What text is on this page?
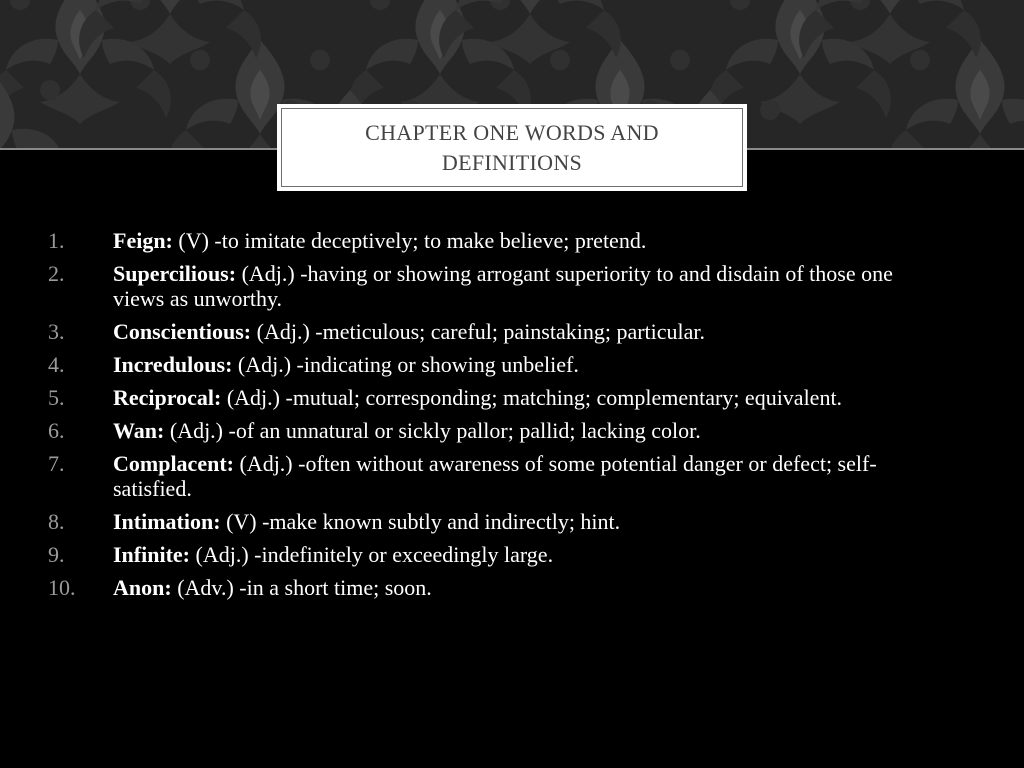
CHAPTER ONE WORDS AND DEFINITIONS
1.	Feign: (V) -to imitate deceptively; to make believe; pretend.
2.	Supercilious: (Adj.) -having or showing arrogant superiority to and disdain of those one views as unworthy.
3.	Conscientious: (Adj.) -meticulous; careful; painstaking; particular.
4.	Incredulous: (Adj.) -indicating or showing unbelief.
5.	Reciprocal: (Adj.) -mutual; corresponding; matching; complementary; equivalent.
6.	Wan: (Adj.) -of an unnatural or sickly pallor; pallid; lacking color.
7.	Complacent: (Adj.) -often without awareness of some potential danger or defect; self-satisfied.
8.	Intimation: (V) -make known subtly and indirectly; hint.
9.	Infinite: (Adj.) -indefinitely or exceedingly large.
10.	Anon: (Adv.) -in a short time; soon.
